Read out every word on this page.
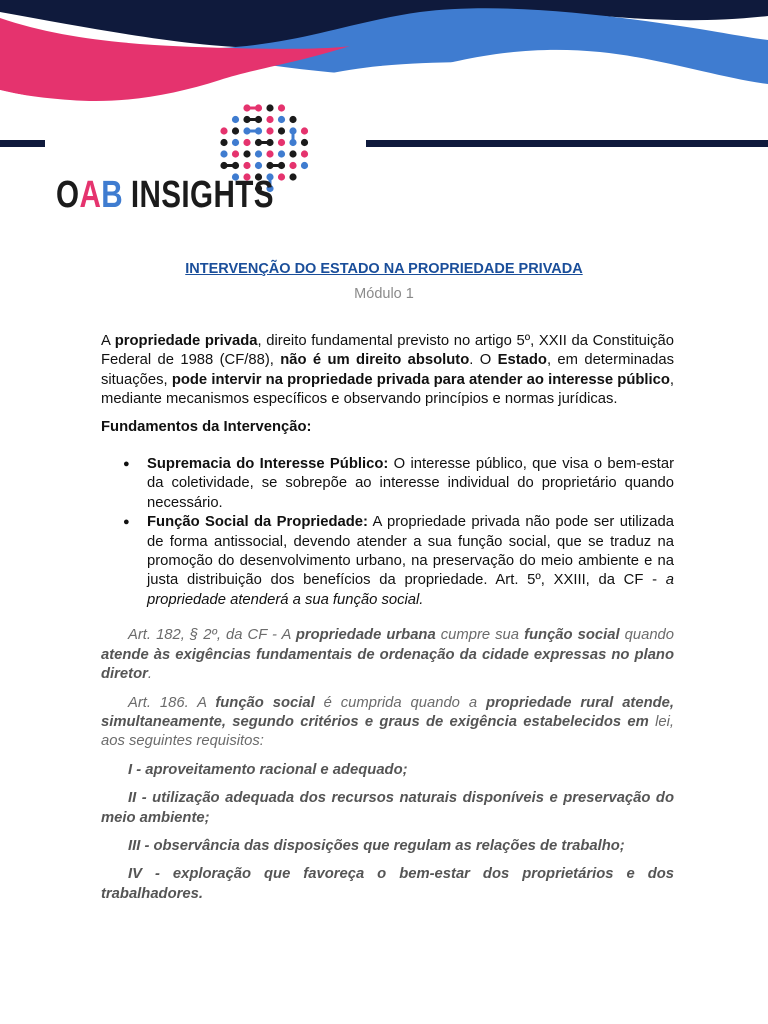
OAB INSIGHTS
INTERVENÇÃO DO ESTADO NA PROPRIEDADE PRIVADA
Módulo 1

A propriedade privada, direito fundamental previsto no artigo 5º, XXII da Constituição Federal de 1988 (CF/88), não é um direito absoluto. O Estado, em determinadas situações, pode intervir na propriedade privada para atender ao interesse público, mediante mecanismos específicos e observando princípios e normas jurídicas.

Fundamentos da Intervenção:

● Supremacia do Interesse Público: O interesse público, que visa o bem-estar da coletividade, se sobrepõe ao interesse individual do proprietário quando necessário.
● Função Social da Propriedade: A propriedade privada não pode ser utilizada de forma antissocial, devendo atender a sua função social, que se traduz na promoção do desenvolvimento urbano, na preservação do meio ambiente e na justa distribuição dos benefícios da propriedade. Art. 5º, XXIII, da CF - a propriedade atenderá a sua função social.

Art. 182, § 2º, da CF - A propriedade urbana cumpre sua função social quando atende às exigências fundamentais de ordenação da cidade expressas no plano diretor.

Art. 186. A função social é cumprida quando a propriedade rural atende, simultaneamente, segundo critérios e graus de exigência estabelecidos em lei, aos seguintes requisitos:

I - aproveitamento racional e adequado;

II - utilização adequada dos recursos naturais disponíveis e preservação do meio ambiente;

III - observância das disposições que regulam as relações de trabalho;

IV - exploração que favoreça o bem-estar dos proprietários e dos trabalhadores.
